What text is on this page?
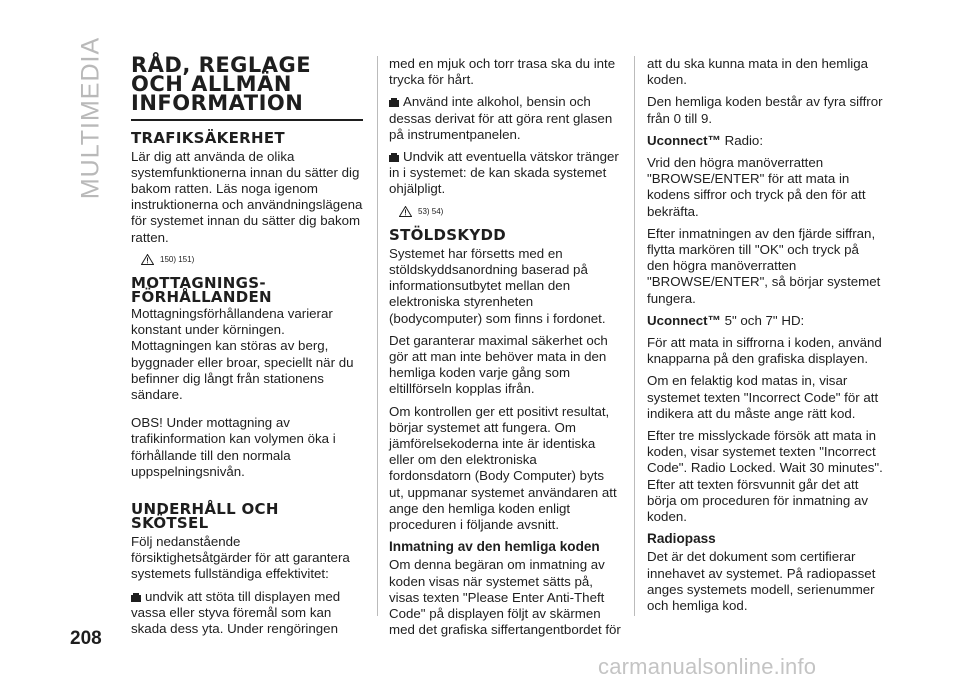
MULTIMEDIA RÅD, REGLAGE
OCH ALLMÄN
INFORMATION
TRAFIKSÄKERHET

Lär dig att använda de olika systemfunktionerna innan du sätter dig bakom ratten. Läs noga igenom instruktionerna och användningslägena för systemet innan du sätter dig bakom ratten.

150) 151)
MOTTAGNINGS-
FÖRHÅLLANDEN

Mottagningsförhållandena varierar konstant under körningen. Mottagningen kan störas av berg, byggnader eller broar, speciellt när du befinner dig långt från stationens sändare.

OBS! Under mottagning av trafikinformation kan volymen öka i förhållande till den normala uppspelningsnivån.

UNDERHÅLL OCH
SKÖTSEL

Följ nedanstående försiktighetsåtgärder för att garantera systemets fullständiga effektivitet:

undvik att stöta till displayen med vassa eller styva föremål som kan skada dess yta. Under rengöringen

med en mjuk och torr trasa ska du inte trycka för hårt.

Använd inte alkohol, bensin och dessas derivat för att göra rent glasen på instrumentpanelen.

Undvik att eventuella vätskor tränger in i systemet: de kan skada systemet ohjälpligt.

53) 54)
STÖLDSKYDD

Systemet har försetts med en stöldskyddsanordning baserad på informationsutbytet mellan den elektroniska styrenheten (bodycomputer) som finns i fordonet.

Det garanterar maximal säkerhet och gör att man inte behöver mata in den hemliga koden varje gång som eltillförseln kopplas ifrån.

Om kontrollen ger ett positivt resultat, börjar systemet att fungera. Om jämförelsekoderna inte är identiska eller om den elektroniska fordonsdatorn (Body Computer) byts ut, uppmanar systemet användaren att ange den hemliga koden enligt proceduren i följande avsnitt.

Inmatning av den hemliga koden

Om denna begäran om inmatning av koden visas när systemet sätts på, visas texten "Please Enter Anti-Theft Code" på displayen följt av skärmen med det grafiska siffertangentbordet för

att du ska kunna mata in den hemliga koden.

Den hemliga koden består av fyra siffror från 0 till 9.

Uconnect™ Radio:

Vrid den högra manöverratten "BROWSE/ENTER" för att mata in kodens siffror och tryck på den för att bekräfta.

Efter inmatningen av den fjärde siffran, flytta markören till "OK" och tryck på den högra manöverratten "BROWSE/ENTER", så börjar systemet fungera.

Uconnect™ 5" och 7" HD:

För att mata in siffrorna i koden, använd knapparna på den grafiska displayen.

Om en felaktig kod matas in, visar systemet texten "Incorrect Code" för att indikera att du måste ange rätt kod.

Efter tre misslyckade försök att mata in koden, visar systemet texten "Incorrect Code". Radio Locked. Wait 30 minutes". Efter att texten försvunnit går det att börja om proceduren för inmatning av koden.

Radiopass

Det är det dokument som certifierar innehavet av systemet. På radiopasset anges systemets modell, serienummer och hemliga kod.

208
carmanualsonline.info
